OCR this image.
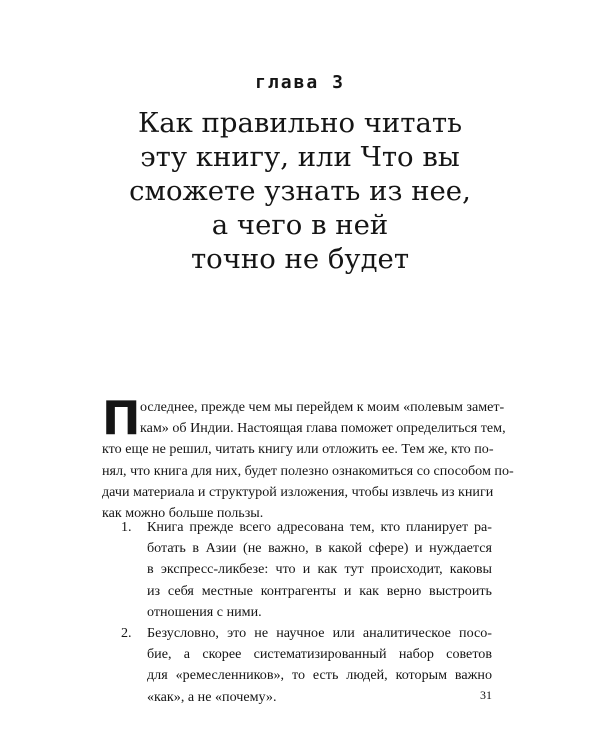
глава 3
Как правильно читать
эту книгу, или Что вы
сможете узнать из нее,
а чего в ней
точно не будет
П оследнее, прежде чем мы перейдем к моим «полевым замет-
кам» об Индии. Настоящая глава поможет определиться тем,
кто еще не решил, читать книгу или отложить ее. Тем же, кто по-
нял, что книга для них, будет полезно ознакомиться со способом по-
дачи материала и структурой изложения, чтобы извлечь из книги
как можно больше пользы.
1. Книга прежде всего адресована тем, кто планирует ра-
ботать в Азии (не важно, в какой сфере) и нуждается
в экспресс-ликбезе: что и как тут происходит, каковы
из себя местные контрагенты и как верно выстроить
отношения с ними.
2. Безусловно, это не научное или аналитическое посо-
бие, а скорее систематизированный набор советов
для «ремесленников», то есть людей, которым важно
«как», а не «почему».	31
